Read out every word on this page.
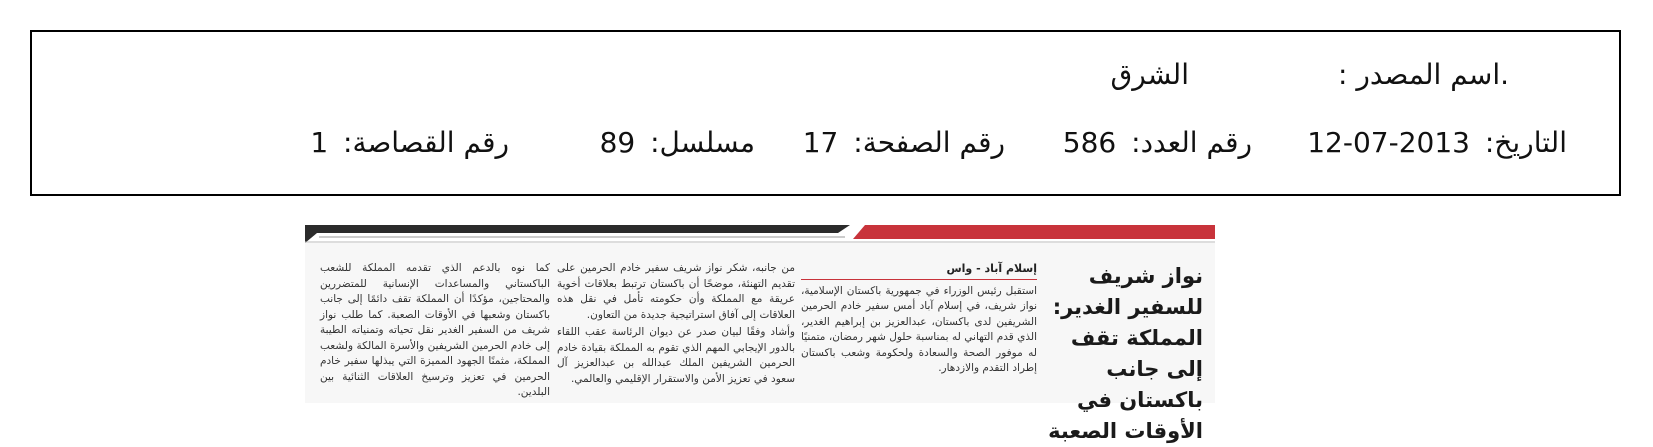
.اسم المصدر :
الشرق
التاريخ: 2013-07-12
رقم العدد: 586
رقم الصفحة: 17
مسلسل: 89
رقم القصاصة: 1
نواز شريف للسفير الغدير: المملكة تقف إلى جانب باكستان في الأوقات الصعبة
إسلام آباد - واس

استقبل رئيس الوزراء في جمهورية باكستان الإسلامية، نواز شريف، في إسلام آباد أمس سفير خادم الحرمين الشريفين لدى باكستان، عبدالعزيز بن إبراهيم الغدير، الذي قدم التهاني له بمناسبة حلول شهر رمضان، متمنيًا له موفور الصحة والسعادة ولحكومة وشعب باكستان إطراد التقدم والازدهار.

من جانبه، شكر نواز شريف سفير خادم الحرمين على تقديم التهنئة، موضحًا أن باكستان ترتبط بعلاقات أخوية عريقة مع المملكة وأن حكومته تأمل في نقل هذه العلاقات إلى آفاق استراتيجية جديدة من التعاون.

وأشاد وفقًا لبيان صدر عن ديوان الرئاسة عقب اللقاء بالدور الإيجابي المهم الذي تقوم به المملكة بقيادة خادم الحرمين الشريفين الملك عبدالله بن عبدالعزيز آل سعود في تعزيز الأمن والاستقرار الإقليمي والعالمي.

كما نوه بالدعم الذي تقدمه المملكة للشعب الباكستاني والمساعدات الإنسانية للمتضررين والمحتاجين، مؤكدًا أن المملكة تقف دائمًا إلى جانب باكستان وشعبها في الأوقات الصعبة. كما طلب نواز شريف من السفير الغدير نقل تحياته وتمنياته الطيبة إلى خادم الحرمين الشريفين والأسرة المالكة ولشعب المملكة، مثمنًا الجهود المميزة التي يبذلها سفير خادم الحرمين في تعزيز وترسيخ العلاقات الثنائية بين البلدين.
